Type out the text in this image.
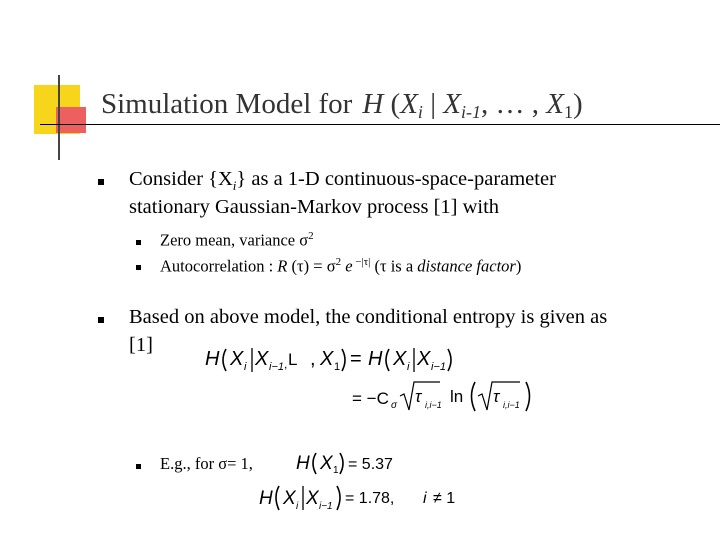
Simulation Model for H ($X_i$ | $X_{i-1}$, … , $X_1$)
Consider $\{X_i\}$ as a 1-D continuous-space-parameter
stationary Gaussian-Markov process [1] with
Zero mean, variance $\sigma^2$
Autocorrelation : R $(\tau) = \sigma^2$ e $^{-|\tau|}$ (τ is a distance factor)
Based on above model, the conditional entropy is given as
[1]
H X i X i−1 , L , X 1 = H X i X i−1
= −C σ τ i,i−1 ln τ i,i−1
E.g., for σ= 1, H X 1 = 5.37
H X i X i−1 = 1.78, i ≠ 1
